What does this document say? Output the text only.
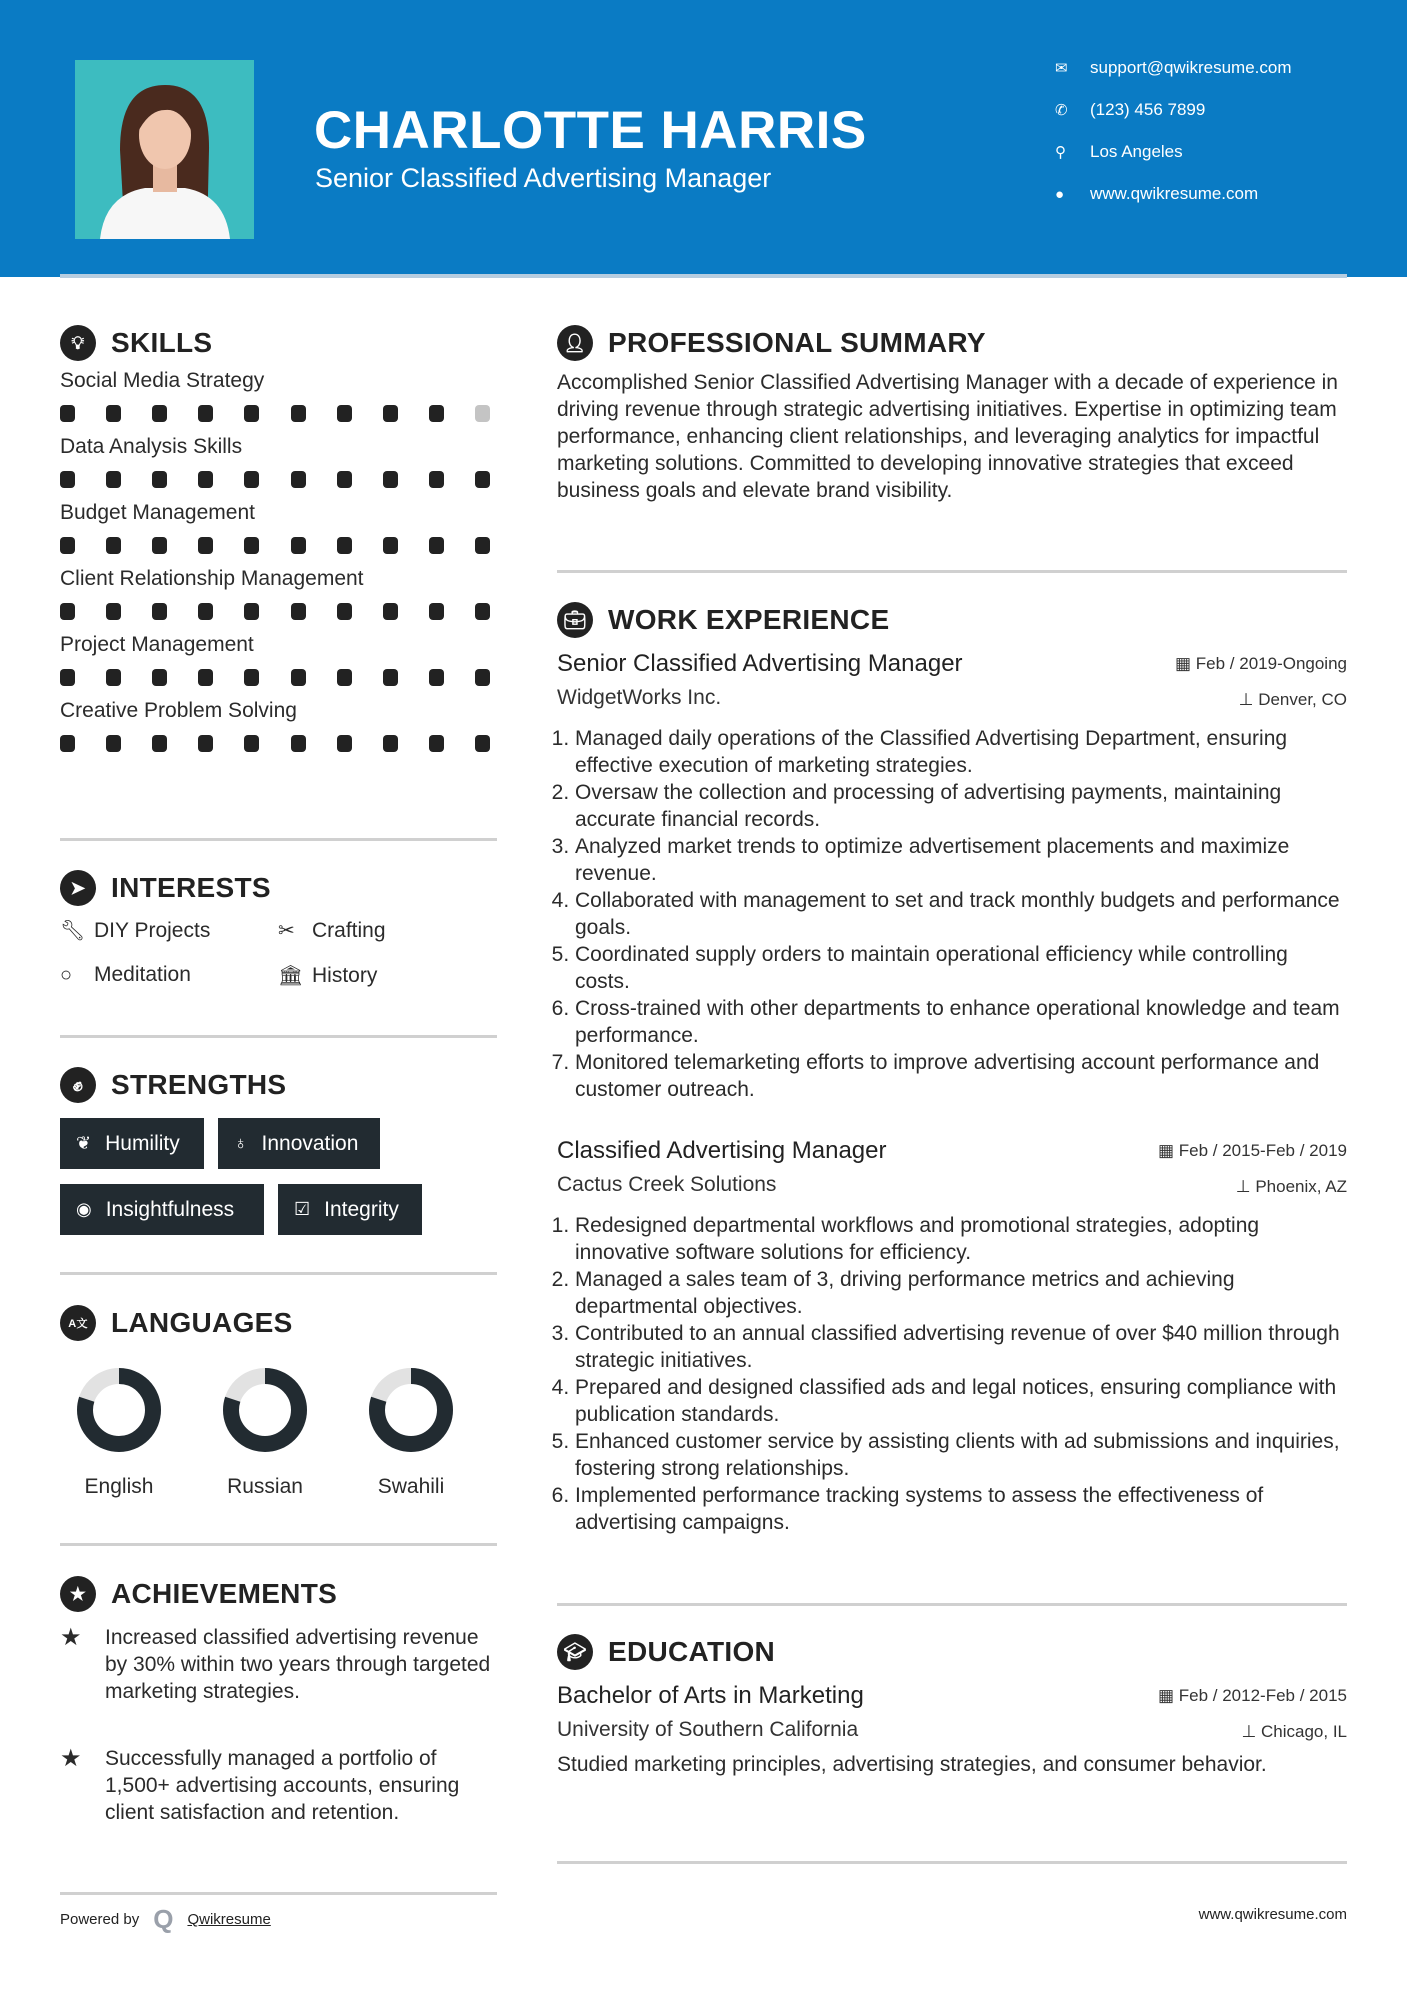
CHARLOTTE HARRIS
Senior Classified Advertising Manager
✉	support@qwikresume.com
✆	(123) 456 7899
⚲	Los Angeles
●	www.qwikresume.com
💡︎ SKILLS
Social Media Strategy
Data Analysis Skills
Budget Management
Client Relationship Management
Project Management
Creative Problem Solving
➤ INTERESTS
🔧︎ DIY Projects	✂ Crafting
○	Meditation	🏛︎ History
✊︎ STRENGTHS
❦ Humility	♁ Innovation
◉ Insightfulness	☑ Integrity
A文 LANGUAGES
English	Russian	Swahili
★ ACHIEVEMENTS
★	Increased classified advertising revenue by 30% within two years through targeted marketing strategies.
★	Successfully managed a portfolio of 1,500+ advertising accounts, ensuring client satisfaction and retention.
👤︎ PROFESSIONAL SUMMARY
Accomplished Senior Classified Advertising Manager with a decade of experience in driving revenue through strategic advertising initiatives. Expertise in optimizing team performance, enhancing client relationships, and leveraging analytics for impactful marketing solutions. Committed to developing innovative strategies that exceed business goals and elevate brand visibility.
💼︎ WORK EXPERIENCE
Senior Classified Advertising Manager	▦ Feb / 2019-Ongoing
WidgetWorks Inc.	⊥ Denver, CO
1. Managed daily operations of the Classified Advertising Department, ensuring effective execution of marketing strategies.
2. Oversaw the collection and processing of advertising payments, maintaining accurate financial records.
3. Analyzed market trends to optimize advertisement placements and maximize revenue.
4. Collaborated with management to set and track monthly budgets and performance goals.
5. Coordinated supply orders to maintain operational efficiency while controlling costs.
6. Cross-trained with other departments to enhance operational knowledge and team performance.
7. Monitored telemarketing efforts to improve advertising account performance and customer outreach.
Classified Advertising Manager	▦ Feb / 2015-Feb / 2019
Cactus Creek Solutions	⊥ Phoenix, AZ
1. Redesigned departmental workflows and promotional strategies, adopting innovative software solutions for efficiency.
2. Managed a sales team of 3, driving performance metrics and achieving departmental objectives.
3. Contributed to an annual classified advertising revenue of over $40 million through strategic initiatives.
4. Prepared and designed classified ads and legal notices, ensuring compliance with publication standards.
5. Enhanced customer service by assisting clients with ad submissions and inquiries, fostering strong relationships.
6. Implemented performance tracking systems to assess the effectiveness of advertising campaigns.
🎓︎ EDUCATION
Bachelor of Arts in Marketing	▦ Feb / 2012-Feb / 2015
University of Southern California	⊥ Chicago, IL
Studied marketing principles, advertising strategies, and consumer behavior.
Powered by Q Qwikresume	www.qwikresume.com
